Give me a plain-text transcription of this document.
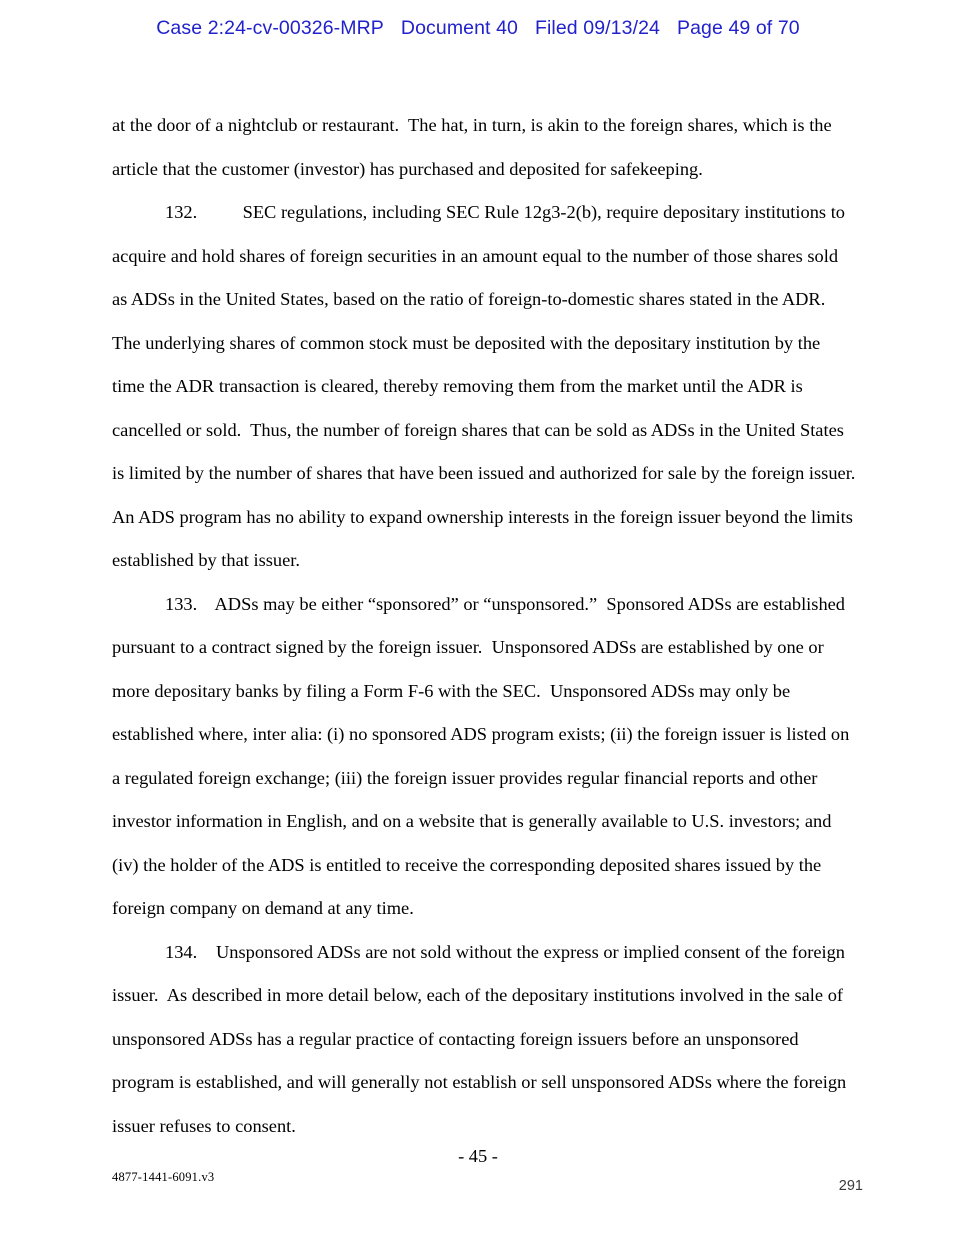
Case 2:24-cv-00326-MRP Document 40 Filed 09/13/24 Page 49 of 70
at the door of a nightclub or restaurant. The hat, in turn, is akin to the foreign shares, which is the
article that the customer (investor) has purchased and deposited for safekeeping.
132.	SEC regulations, including SEC Rule 12g3-2(b), require depositary institutions to
acquire and hold shares of foreign securities in an amount equal to the number of those shares sold
as ADSs in the United States, based on the ratio of foreign-to-domestic shares stated in the ADR.
The underlying shares of common stock must be deposited with the depositary institution by the
time the ADR transaction is cleared, thereby removing them from the market until the ADR is
cancelled or sold. Thus, the number of foreign shares that can be sold as ADSs in the United States
is limited by the number of shares that have been issued and authorized for sale by the foreign issuer.
An ADS program has no ability to expand ownership interests in the foreign issuer beyond the limits
established by that issuer.
133. ADSs may be either “sponsored” or “unsponsored.” Sponsored ADSs are established
pursuant to a contract signed by the foreign issuer. Unsponsored ADSs are established by one or
more depositary banks by filing a Form F-6 with the SEC. Unsponsored ADSs may only be
established where, inter alia: (i) no sponsored ADS program exists; (ii) the foreign issuer is listed on
a regulated foreign exchange; (iii) the foreign issuer provides regular financial reports and other
investor information in English, and on a website that is generally available to U.S. investors; and
(iv) the holder of the ADS is entitled to receive the corresponding deposited shares issued by the
foreign company on demand at any time.
134.	Unsponsored ADSs are not sold without the express or implied consent of the foreign
issuer. As described in more detail below, each of the depositary institutions involved in the sale of
unsponsored ADSs has a regular practice of contacting foreign issuers before an unsponsored
program is established, and will generally not establish or sell unsponsored ADSs where the foreign
issuer refuses to consent.
- 45 -
4877-1441-6091.v3
291
